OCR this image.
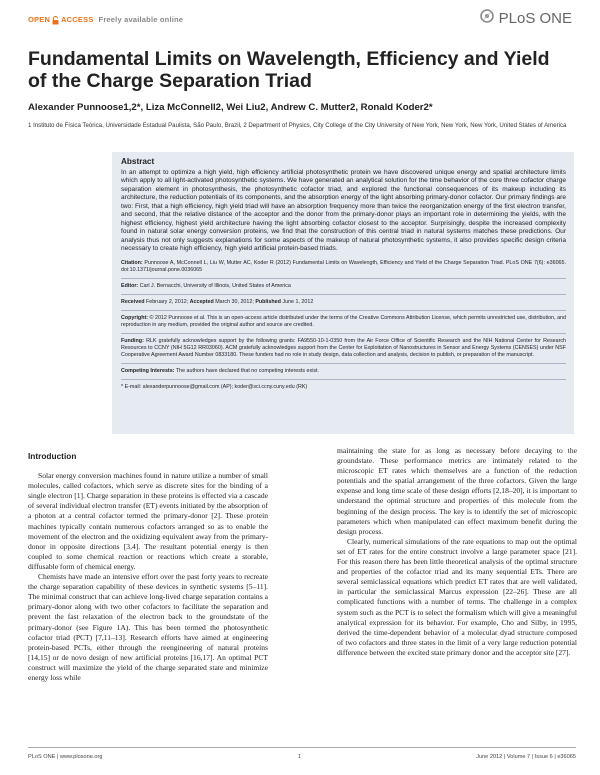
OPEN ACCESS Freely available online	PLoS ONE
Fundamental Limits on Wavelength, Efficiency and Yield of the Charge Separation Triad
Alexander Punnoose1,2*, Liza McConnell2, Wei Liu2, Andrew C. Mutter2, Ronald Koder2*
1 Instituto de Física Teórica, Universidade Estadual Paulista, São Paulo, Brazil, 2 Department of Physics, City College of the City University of New York, New York, New York, United States of America
Abstract
In an attempt to optimize a high yield, high efficiency artificial photosynthetic protein we have discovered unique energy and spatial architecture limits which apply to all light-activated photosynthetic systems. We have generated an analytical solution for the time behavior of the core three cofactor charge separation element in photosynthesis, the photosynthetic cofactor triad, and explored the functional consequences of its makeup including its architecture, the reduction potentials of its components, and the absorption energy of the light absorbing primary-donor cofactor. Our primary findings are two: First, that a high efficiency, high yield triad will have an absorption frequency more than twice the reorganization energy of the first electron transfer, and second, that the relative distance of the acceptor and the donor from the primary-donor plays an important role in determining the yields, with the highest efficiency, highest yield architecture having the light absorbing cofactor closest to the acceptor. Surprisingly, despite the increased complexity found in natural solar energy conversion proteins, we find that the construction of this central triad in natural systems matches these predictions. Our analysis thus not only suggests explanations for some aspects of the makeup of natural photosynthetic systems, it also provides specific design criteria necessary to create high efficiency, high yield artificial protein-based triads.
Citation: Punnoose A, McConnell L, Liu W, Mutter AC, Koder R (2012) Fundamental Limits on Wavelength, Efficiency and Yield of the Charge Separation Triad. PLoS ONE 7(6): e36065. doi:10.1371/journal.pone.0036065
Editor: Carl J. Bernacchi, University of Illinois, United States of America
Received February 2, 2012; Accepted March 30, 2012; Published June 1, 2012
Copyright: © 2012 Punnoose et al. This is an open-access article distributed under the terms of the Creative Commons Attribution License, which permits unrestricted use, distribution, and reproduction in any medium, provided the original author and source are credited.
Funding: RLK gratefully acknowledges support by the following grants: FA9550-10-1-0350 from the Air Force Office of Scientific Research and the NIH National Center for Research Resources to CCNY (NIH 5G12 RR03060). ACM gratefully acknowledges support from the Center for Exploitation of Nanostructures in Sensor and Energy Systems (CENSES) under NSF Cooperative Agreement Award Number 0833180. These funders had no role in study design, data collection and analysis, decision to publish, or preparation of the manuscript.
Competing Interests: The authors have declared that no competing interests exist.
* E-mail: alexanderpunnoose@gmail.com (AP); koder@sci.ccny.cuny.edu (RK)
Introduction

Solar energy conversion machines found in nature utilize a number of small molecules, called cofactors, which serve as discrete sites for the binding of a single electron [1]. Charge separation in these proteins is effected via a cascade of several individual electron transfer (ET) events initiated by the absorption of a photon at a central cofactor termed the primary-donor [2]. These protein machines typically contain numerous cofactors arranged so as to enable the movement of the electron and the oxidizing equivalent away from the primary-donor in opposite directions [3,4]. The resultant potential energy is then coupled to some chemical reaction or reactions which create a storable, diffusable form of chemical energy.

Chemists have made an intensive effort over the past forty years to recreate the charge separation capability of these devices in synthetic systems [5–11]. The minimal construct that can achieve long-lived charge separation contains a primary-donor along with two other cofactors to facilitate the separation and prevent the fast relaxation of the electron back to the groundstate of the primary-donor (see Figure 1A). This has been termed the photosynthetic cofactor triad (PCT) [7,11–13]. Research efforts have aimed at engineering protein-based PCTs, either through the reengineering of natural proteins [14,15] or de novo design of new artificial proteins [16,17]. An optimal PCT construct will maximize the yield of the charge separated state and minimize energy loss while

maintaining the state for as long as necessary before decaying to the groundstate. These performance metrics are intimately related to the microscopic ET rates which themselves are a function of the reduction potentials and the spatial arrangement of the three cofactors. Given the large expense and long time scale of these design efforts [2,18–20], it is important to understand the optimal structure and properties of this molecule from the beginning of the design process. The key is to identify the set of microscopic parameters which when manipulated can effect maximum benefit during the design process.

Clearly, numerical simulations of the rate equations to map out the optimal set of ET rates for the entire construct involve a large parameter space [21]. For this reason there has been little theoretical analysis of the optimal structure and properties of the cofactor triad and its many sequential ETs. There are several semiclassical equations which predict ET rates that are well validated, in particular the semiclassical Marcus expression [22–26]. These are all complicated functions with a number of terms. The challenge in a complex system such as the PCT is to select the formalism which will give a meaningful analytical expression for its behavior. For example, Cho and Silby, in 1995, derived the time-dependent behavior of a molecular dyad structure composed of two cofactors and three states in the limit of a very large reduction potential difference between the excited state primary donor and the acceptor site [27].

PLoS ONE | www.plosone.org	1	June 2012 | Volume 7 | Issue 6 | e36065
